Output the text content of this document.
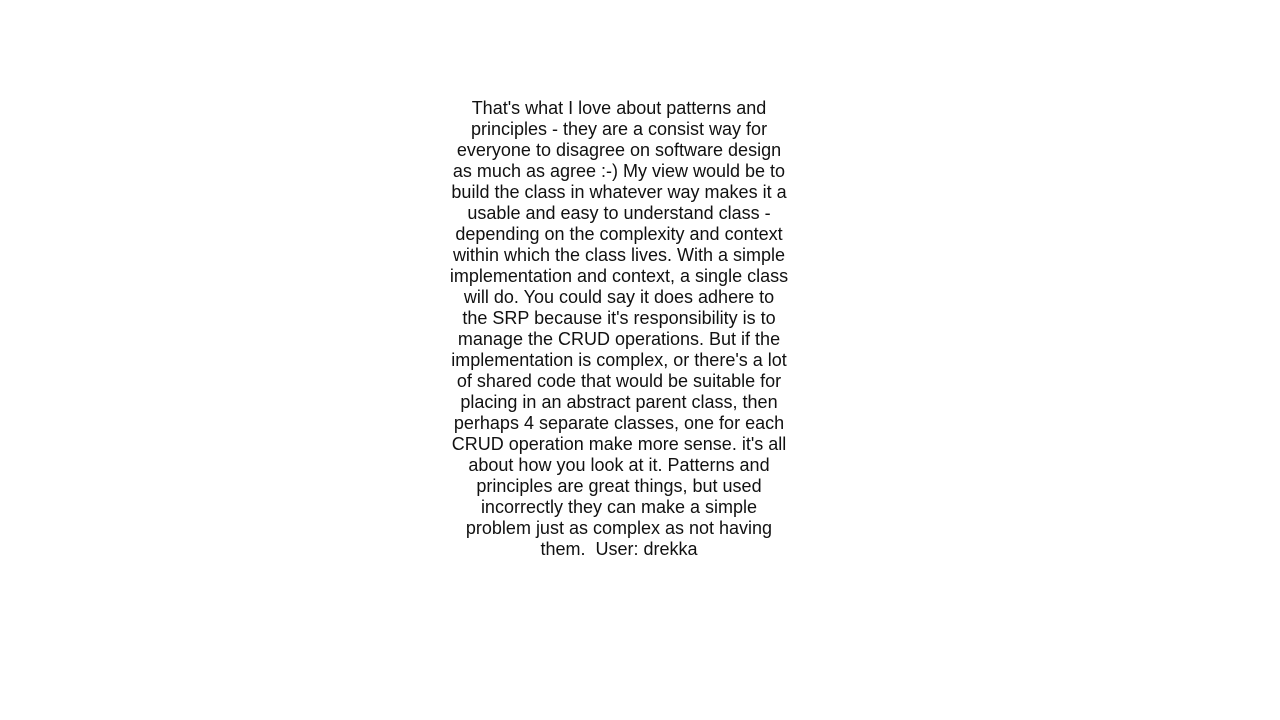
That's what I love about patterns and principles - they are a consist way for everyone to disagree on software design as much as agree :-) My view would be to build the class in whatever way makes it a usable and easy to understand class - depending on the complexity and context within which the class lives. With a simple implementation and context, a single class will do. You could say it does adhere to the SRP because it's responsibility is to manage the CRUD operations. But if the implementation is complex, or there's a lot of shared code that would be suitable for placing in an abstract parent class, then perhaps 4 separate classes, one for each CRUD operation make more sense. it's all about how you look at it. Patterns and principles are great things, but used incorrectly they can make a simple problem just as complex as not having them.  User: drekka
